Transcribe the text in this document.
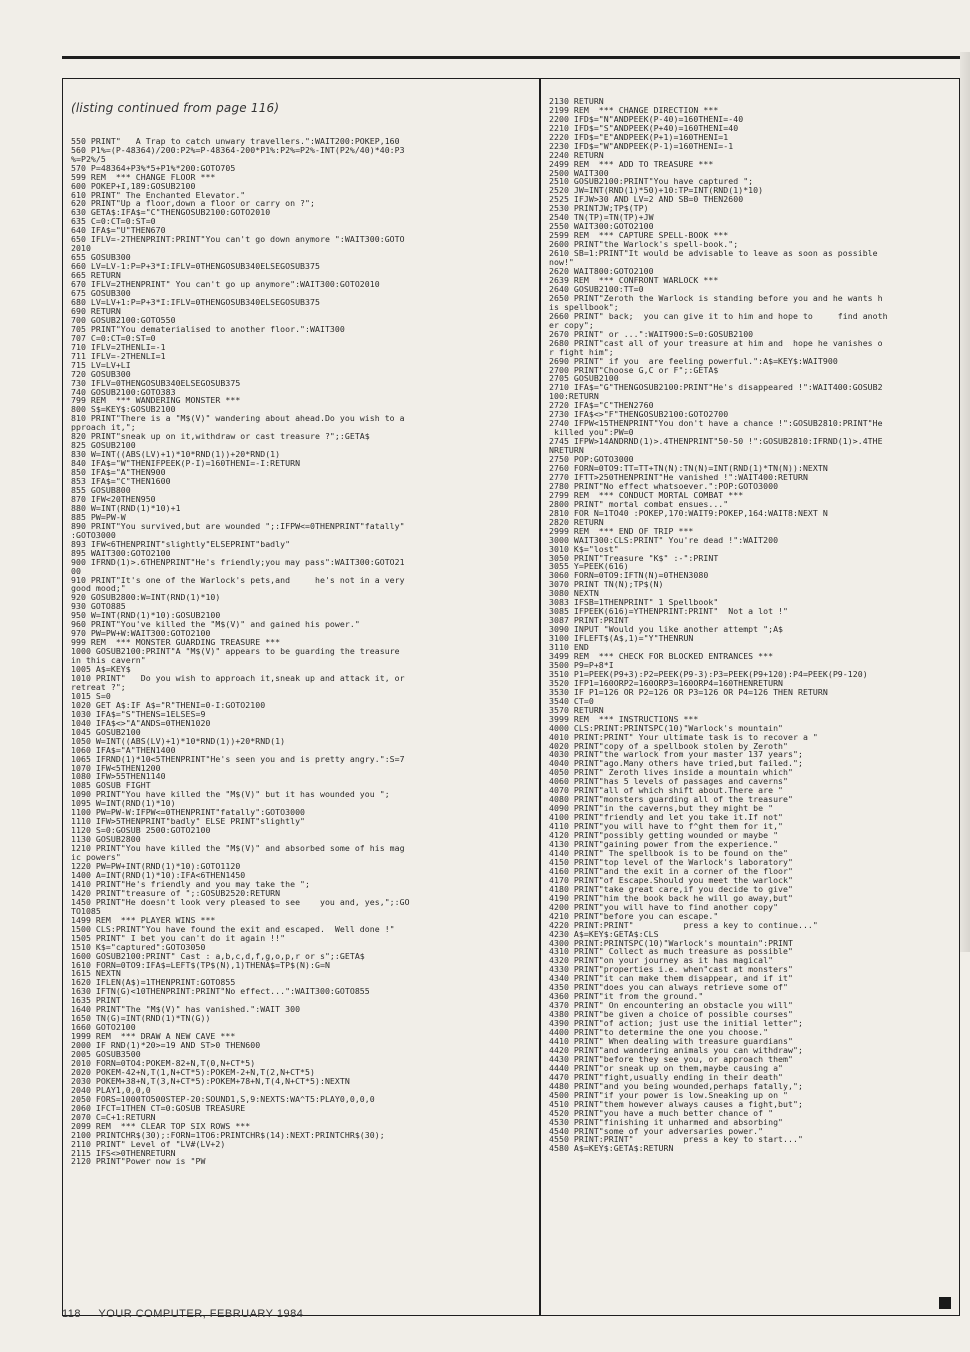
(listing continued from page 116)

550 PRINT"   A Trap to catch unwary travellers.":WAIT200:POKEP,160
560 P1%=(P-48364)/200:P2%=P-48364-200*P1%:P2%=P2%-INT(P2%/40)*40:P3
%=P2%/5
570 P=48364+P3%*5+P1%*200:GOTO705
599 REM  *** CHANGE FLOOR ***
600 POKEP+I,189:GOSUB2100
610 PRINT" The Enchanted Elevator."
620 PRINT"Up a floor,down a floor or carry on ?";
630 GETA$:IFA$="C"THENGOSUB2100:GOTO2010
635 C=0:CT=0:ST=0
640 IFA$="U"THEN670
650 IFLV=-2THENPRINT:PRINT"You can't go down anymore ":WAIT300:GOTO
2010
655 GOSUB300
660 LV=LV-1:P=P+3*I:IFLV=0THENGOSUB340ELSEGOSUB375
665 RETURN
670 IFLV=2THENPRINT" You can't go up anymore":WAIT300:GOTO2010
675 GOSUB300
680 LV=LV+1:P=P+3*I:IFLV=0THENGOSUB340ELSEGOSUB375
690 RETURN
700 GOSUB2100:GOTO550
705 PRINT"You dematerialised to another floor.":WAIT300
707 C=0:CT=0:ST=0
710 IFLV=2THENLI=-1
711 IFLV=-2THENLI=1
715 LV=LV+LI
720 GOSUB300
730 IFLV=0THENGOSUB340ELSEGOSUB375
740 GOSUB2100:GOTO383
799 REM  *** WANDERING MONSTER ***
800 S$=KEY$:GOSUB2100
810 PRINT"There is a "M$(V)" wandering about ahead.Do you wish to a
pproach it,";
820 PRINT"sneak up on it,withdraw or cast treasure ?";:GETA$
825 GOSUB2100
830 W=INT((ABS(LV)+1)*10*RND(1))+20*RND(1)
840 IFA$="W"THENIFPEEK(P-I)=160THENI=-I:RETURN
850 IFA$="A"THEN900
853 IFA$="C"THEN1600
855 GOSUB800
870 IFW<20THEN950
880 W=INT(RND(1)*10)+1
885 PW=PW-W
890 PRINT"You survived,but are wounded ";:IFPW<=0THENPRINT"fatally"
:GOTO3000
893 IFW<6THENPRINT"slightly"ELSEPRINT"badly"
895 WAIT300:GOTO2100
900 IFRND(1)>.6THENPRINT"He's friendly;you may pass":WAIT300:GOTO21
00
910 PRINT"It's one of the Warlock's pets,and     he's not in a very
good mood;"
920 GOSUB2800:W=INT(RND(1)*10)
930 GOTO885
950 W=INT(RND(1)*10):GOSUB2100
960 PRINT"You've killed the "M$(V)" and gained his power."
970 PW=PW+W:WAIT300:GOTO2100
999 REM  *** MONSTER GUARDING TREASURE ***
1000 GOSUB2100:PRINT"A "M$(V)" appears to be guarding the treasure
in this cavern"
1005 A$=KEY$
1010 PRINT"   Do you wish to approach it,sneak up and attack it, or
retreat ?";
1015 S=0
1020 GET A$:IF A$="R"THENI=0-I:GOTO2100
1030 IFA$="S"THENS=1ELSES=9
1040 IFA$<>"A"ANDS=0THEN1020
1045 GOSUB2100
1050 W=INT((ABS(LV)+1)*10*RND(1))+20*RND(1)
1060 IFA$="A"THEN1400
1065 IFRND(1)*10<5THENPRINT"He's seen you and is pretty angry.":S=7
1070 IFW<5THEN1200
1080 IFW>55THEN1140
1085 GOSUB FIGHT
1090 PRINT"You have killed the "M$(V)" but it has wounded you ";
1095 W=INT(RND(1)*10)
1100 PW=PW-W:IFPW<=0THENPRINT"fatally":GOTO3000
1110 IFW>5THENPRINT"badly" ELSE PRINT"slightly"
1120 S=0:GOSUB 2500:GOTO2100
1130 GOSUB2800
1210 PRINT"You have killed the "M$(V)" and absorbed some of his mag
ic powers"
1220 PW=PW+INT(RND(1)*10):GOTO1120
1400 A=INT(RND(1)*10):IFA<6THEN1450
1410 PRINT"He's friendly and you may take the ";
1420 PRINT"treasure of ";:GOSUB2520:RETURN
1450 PRINT"He doesn't look very pleased to see    you and, yes,";:GO
TO1085
1499 REM  *** PLAYER WINS ***
1500 CLS:PRINT"You have found the exit and escaped.  Well done !"
1505 PRINT" I bet you can't do it again !!"
1510 K$="captured":GOTO3050
1600 GOSUB2100:PRINT" Cast : a,b,c,d,f,g,o,p,r or s";:GETA$
1610 FORN=0TO9:IFA$=LEFT$(TP$(N),1)THENA$=TP$(N):G=N
1615 NEXTN
1620 IFLEN(A$)=1THENPRINT:GOTO855
1630 IFTN(G)<10THENPRINT:PRINT"No effect...":WAIT300:GOTO855
1635 PRINT
1640 PRINT"The "M$(V)" has vanished.":WAIT 300
1650 TN(G)=INT(RND(1)*TN(G))
1660 GOTO2100
1999 REM  *** DRAW A NEW CAVE ***
2000 IF RND(1)*20>=19 AND ST>0 THEN600
2005 GOSUB3500
2010 FORN=0TO4:POKEM-82+N,T(0,N+CT*5)
2020 POKEM-42+N,T(1,N+CT*5):POKEM-2+N,T(2,N+CT*5)
2030 POKEM+38+N,T(3,N+CT*5):POKEM+78+N,T(4,N+CT*5):NEXTN
2040 PLAY1,0,0,0
2050 FORS=1000TO500STEP-20:SOUND1,S,9:NEXTS:WA^T5:PLAY0,0,0,0
2060 IFCT=1THEN CT=0:GOSUB TREASURE
2070 C=C+1:RETURN
2099 REM  *** CLEAR TOP SIX ROWS ***
2100 PRINTCHR$(30);:FORN=1TO6:PRINTCHR$(14):NEXT:PRINTCHR$(30);
2110 PRINT" Level of "LV#(LV+2)
2115 IFS<>0THENRETURN
2120 PRINT"Power now is "PW

2130 RETURN
2199 REM  *** CHANGE DIRECTION ***
2200 IFD$="N"ANDPEEK(P-40)=160THENI=-40
2210 IFD$="S"ANDPEEK(P+40)=160THENI=40
2220 IFD$="E"ANDPEEK(P+1)=160THENI=1
2230 IFD$="W"ANDPEEK(P-1)=160THENI=-1
2240 RETURN
2499 REM  *** ADD TO TREASURE ***
2500 WAIT300
2510 GOSUB2100:PRINT"You have captured ";
2520 JW=INT(RND(1)*50)+10:TP=INT(RND(1)*10)
2525 IFJW>30 AND LV=2 AND SB=0 THEN2600
2530 PRINTJW;TP$(TP)
2540 TN(TP)=TN(TP)+JW
2550 WAIT300:GOTO2100
2599 REM  *** CAPTURE SPELL-BOOK ***
2600 PRINT"the Warlock's spell-book.";
2610 SB=1:PRINT"It would be advisable to leave as soon as possible
now!"
2620 WAIT800:GOTO2100
2639 REM  *** CONFRONT WARLOCK ***
2640 GOSUB2100:TT=0
2650 PRINT"Zeroth the Warlock is standing before you and he wants h
is spellbook";
2660 PRINT" back;  you can give it to him and hope to     find anoth
er copy";
2670 PRINT" or ...":WAIT900:S=0:GOSUB2100
2680 PRINT"cast all of your treasure at him and  hope he vanishes o
r fight him";
2690 PRINT" if you  are feeling powerful.":A$=KEY$:WAIT900
2700 PRINT"Choose G,C or F";:GETA$
2705 GOSUB2100
2710 IFA$="G"THENGOSUB2100:PRINT"He's disappeared !":WAIT400:GOSUB2
100:RETURN
2720 IFA$="C"THEN2760
2730 IFA$<>"F"THENGOSUB2100:GOTO2700
2740 IFPW<15THENPRINT"You don't have a chance !":GOSUB2810:PRINT"He
killed you":PW=0
2745 IFPW>14ANDRND(1)>.4THENPRINT"50-50 !":GOSUB2810:IFRND(1)>.4THE
NRETURN
2750 POP:GOTO3000
2760 FORN=0TO9:TT=TT+TN(N):TN(N)=INT(RND(1)*TN(N)):NEXTN
2770 IFTT>250THENPRINT"He vanished !":WAIT400:RETURN
2780 PRINT"No effect whatsoever.":POP:GOTO3000
2799 REM  *** CONDUCT MORTAL COMBAT ***
2800 PRINT" mortal combat ensues..."
2810 FOR N=1TO40 :POKEP,170:WAIT9:POKEP,164:WAIT8:NEXT N
2820 RETURN
2999 REM  *** END OF TRIP ***
3000 WAIT300:CLS:PRINT" You're dead !":WAIT200
3010 K$="lost"
3050 PRINT"Treasure "K$" :-":PRINT
3055 Y=PEEK(616)
3060 FORN=0TO9:IFTN(N)=0THEN3080
3070 PRINT TN(N);TP$(N)
3080 NEXTN
3083 IFSB=1THENPRINT" 1 Spellbook"
3085 IFPEEK(616)=YTHENPRINT:PRINT"  Not a lot !"
3087 PRINT:PRINT
3090 INPUT "Would you like another attempt ";A$
3100 IFLEFT$(A$,1)="Y"THENRUN
3110 END
3499 REM  *** CHECK FOR BLOCKED ENTRANCES ***
3500 P9=P+8*I
3510 P1=PEEK(P9+3):P2=PEEK(P9-3):P3=PEEK(P9+120):P4=PEEK(P9-120)
3520 IFP1=160ORP2=160ORP3=160ORP4=160THENRETURN
3530 IF P1=126 OR P2=126 OR P3=126 OR P4=126 THEN RETURN
3540 CT=0
3570 RETURN
3999 REM  *** INSTRUCTIONS ***
4000 CLS:PRINT:PRINTSPC(10)"Warlock's mountain"
4010 PRINT:PRINT" Your ultimate task is to recover a "
4020 PRINT"copy of a spellbook stolen by Zeroth"
4030 PRINT"the warlock from your master 137 years";
4040 PRINT"ago.Many others have tried,but failed.";
4050 PRINT" Zeroth lives inside a mountain which"
4060 PRINT"has 5 levels of passages and caverns"
4070 PRINT"all of which shift about.There are "
4080 PRINT"monsters guarding all of the treasure"
4090 PRINT"in the caverns,but they might be "
4100 PRINT"friendly and let you take it.If not"
4110 PRINT"you will have to f^ght them for it,"
4120 PRINT"possibly getting wounded or maybe "
4130 PRINT"gaining power from the experience."
4140 PRINT" The spellbook is to be found on the"
4150 PRINT"top level of the Warlock's laboratory"
4160 PRINT"and the exit in a corner of the floor"
4170 PRINT"of Escape.Should you meet the warlock"
4180 PRINT"take great care,if you decide to give"
4190 PRINT"him the book back he will go away,but"
4200 PRINT"you will have to find another copy"
4210 PRINT"before you can escape."
4220 PRINT:PRINT"          press a key to continue..."
4230 A$=KEY$:GETA$:CLS
4300 PRINT:PRINTSPC(10)"Warlock's mountain":PRINT
4310 PRINT" Collect as much treasure as possible"
4320 PRINT"on your journey as it has magical"
4330 PRINT"properties i.e. when"cast at monsters"
4340 PRINT"it can make them disappear, and if it"
4350 PRINT"does you can always retrieve some of"
4360 PRINT"it from the ground."
4370 PRINT" On encountering an obstacle you will"
4380 PRINT"be given a choice of possible courses"
4390 PRINT"of action; just use the initial letter";
4400 PRINT"to determine the one you choose."
4410 PRINT" When dealing with treasure guardians"
4420 PRINT"and wandering animals you can withdraw";
4430 PRINT"before they see you, or approach them"
4440 PRINT"or sneak up on them,maybe causing a"
4470 PRINT"fight,usually ending in their death"
4480 PRINT"and you being wounded,perhaps fatally,";
4500 PRINT"if your power is low.Sneaking up on "
4510 PRINT"them however always causes a fight,but";
4520 PRINT"you have a much better chance of "
4530 PRINT"finishing it unharmed and absorbing"
4540 PRINT"some of your adversaries power."
4550 PRINT:PRINT"          press a key to start..."
4580 A$=KEY$:GETA$:RETURN

118 YOUR COMPUTER, FEBRUARY 1984
